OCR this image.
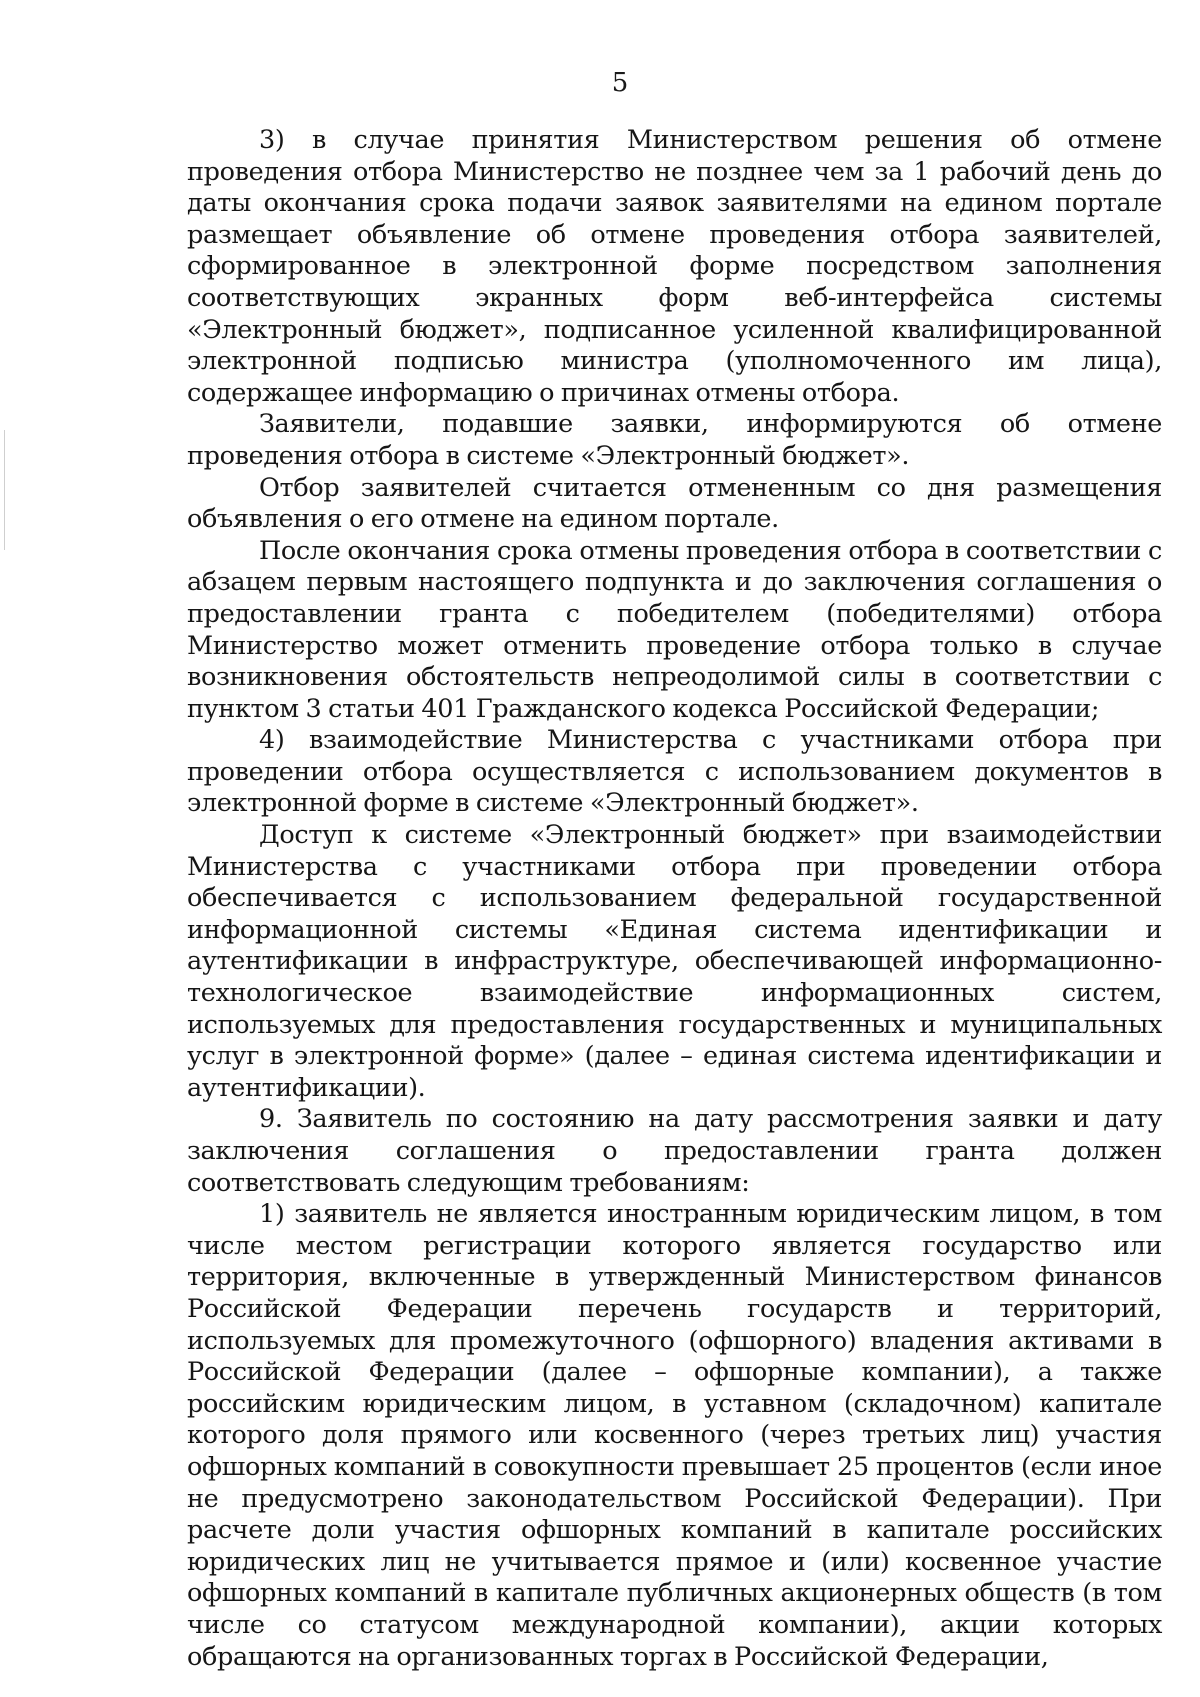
5

3) в случае принятия Министерством решения об отмене проведения отбора Министерство не позднее чем за 1 рабочий день до даты окончания срока подачи заявок заявителями на едином портале размещает объявление об отмене проведения отбора заявителей, сформированное в электронной форме посредством заполнения соответствующих экранных форм веб-интерфейса системы «Электронный бюджет», подписанное усиленной квалифицированной электронной подписью министра (уполномоченного им лица), содержащее информацию о причинах отмены отбора.

Заявители, подавшие заявки, информируются об отмене проведения отбора в системе «Электронный бюджет».

Отбор заявителей считается отмененным со дня размещения объявления о его отмене на едином портале.

После окончания срока отмены проведения отбора в соответствии с абзацем первым настоящего подпункта и до заключения соглашения о предоставлении гранта с победителем (победителями) отбора Министерство может отменить проведение отбора только в случае возникновения обстоятельств непреодолимой силы в соответствии с пунктом 3 статьи 401 Гражданского кодекса Российской Федерации;

4) взаимодействие Министерства с участниками отбора при проведении отбора осуществляется с использованием документов в электронной форме в системе «Электронный бюджет».

Доступ к системе «Электронный бюджет» при взаимодействии Министерства с участниками отбора при проведении отбора обеспечивается с использованием федеральной государственной информационной системы «Единая система идентификации и аутентификации в инфраструктуре, обеспечивающей информационно-технологическое взаимодействие информационных систем, используемых для предоставления государственных и муниципальных услуг в электронной форме» (далее – единая система идентификации и аутентификации).

9. Заявитель по состоянию на дату рассмотрения заявки и дату заключения соглашения о предоставлении гранта должен соответствовать следующим требованиям:

1) заявитель не является иностранным юридическим лицом, в том числе местом регистрации которого является государство или территория, включенные в утвержденный Министерством финансов Российской Федерации перечень государств и территорий, используемых для промежуточного (офшорного) владения активами в Российской Федерации (далее – офшорные компании), а также российским юридическим лицом, в уставном (складочном) капитале которого доля прямого или косвенного (через третьих лиц) участия офшорных компаний в совокупности превышает 25 процентов (если иное не предусмотрено законодательством Российской Федерации). При расчете доли участия офшорных компаний в капитале российских юридических лиц не учитывается прямое и (или) косвенное участие офшорных компаний в капитале публичных акционерных обществ (в том числе со статусом международной компании), акции которых обращаются на организованных торгах в Российской Федерации,
